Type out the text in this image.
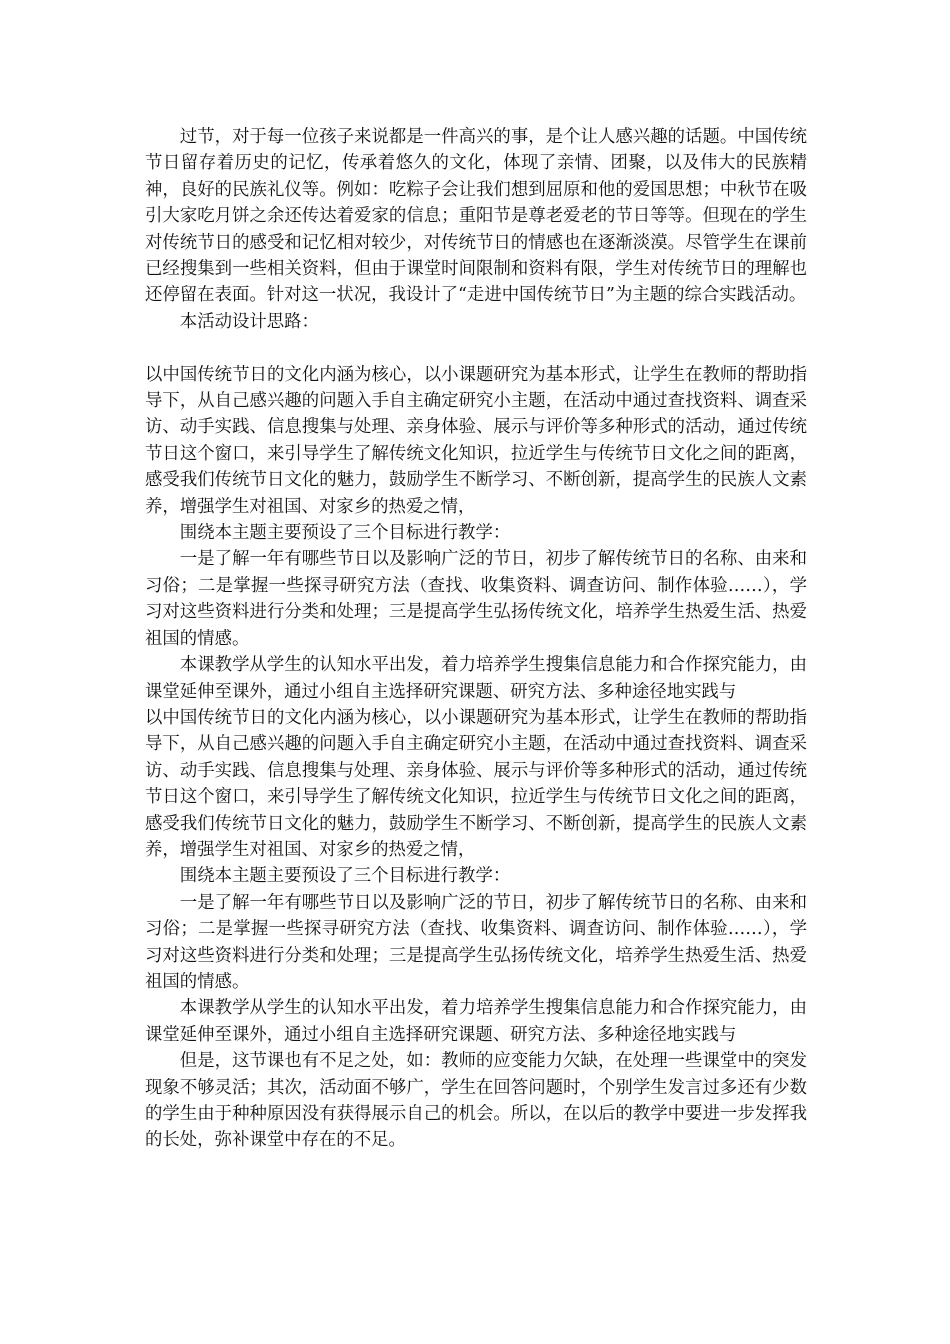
过节，对于每一位孩子来说都是一件高兴的事，是个让人感兴趣的话题。中国传统节日留存着历史的记忆，传承着悠久的文化，体现了亲情、团聚，以及伟大的民族精神，良好的民族礼仪等。例如：吃粽子会让我们想到屈原和他的爱国思想；中秋节在吸引大家吃月饼之余还传达着爱家的信息；重阳节是尊老爱老的节日等等。但现在的学生对传统节日的感受和记忆相对较少，对传统节日的情感也在逐渐淡漠。尽管学生在课前已经搜集到一些相关资料，但由于课堂时间限制和资料有限，学生对传统节日的理解也还停留在表面。针对这一状况，我设计了“走进中国传统节日”为主题的综合实践活动。

本活动设计思路：

以中国传统节日的文化内涵为核心，以小课题研究为基本形式，让学生在教师的帮助指导下，从自己感兴趣的问题入手自主确定研究小主题，在活动中通过查找资料、调查采访、动手实践、信息搜集与处理、亲身体验、展示与评价等多种形式的活动，通过传统节日这个窗口，来引导学生了解传统文化知识，拉近学生与传统节日文化之间的距离，感受我们传统节日文化的魅力，鼓励学生不断学习、不断创新，提高学生的民族人文素养，增强学生对祖国、对家乡的热爱之情，

围绕本主题主要预设了三个目标进行教学：

一是了解一年有哪些节日以及影响广泛的节日，初步了解传统节日的名称、由来和习俗；二是掌握一些探寻研究方法（查找、收集资料、调查访问、制作体验……），学习对这些资料进行分类和处理；三是提高学生弘扬传统文化，培养学生热爱生活、热爱祖国的情感。

本课教学从学生的认知水平出发，着力培养学生搜集信息能力和合作探究能力，由课堂延伸至课外，通过小组自主选择研究课题、研究方法、多种途径地实践与

以中国传统节日的文化内涵为核心，以小课题研究为基本形式，让学生在教师的帮助指导下，从自己感兴趣的问题入手自主确定研究小主题，在活动中通过查找资料、调查采访、动手实践、信息搜集与处理、亲身体验、展示与评价等多种形式的活动，通过传统节日这个窗口，来引导学生了解传统文化知识，拉近学生与传统节日文化之间的距离，感受我们传统节日文化的魅力，鼓励学生不断学习、不断创新，提高学生的民族人文素养，增强学生对祖国、对家乡的热爱之情，

围绕本主题主要预设了三个目标进行教学：

一是了解一年有哪些节日以及影响广泛的节日，初步了解传统节日的名称、由来和习俗；二是掌握一些探寻研究方法（查找、收集资料、调查访问、制作体验……），学习对这些资料进行分类和处理；三是提高学生弘扬传统文化，培养学生热爱生活、热爱祖国的情感。

本课教学从学生的认知水平出发，着力培养学生搜集信息能力和合作探究能力，由课堂延伸至课外，通过小组自主选择研究课题、研究方法、多种途径地实践与

但是，这节课也有不足之处，如：教师的应变能力欠缺，在处理一些课堂中的突发现象不够灵活；其次，活动面不够广，学生在回答问题时，个别学生发言过多还有少数的学生由于种种原因没有获得展示自己的机会。所以，在以后的教学中要进一步发挥我的长处，弥补课堂中存在的不足。
